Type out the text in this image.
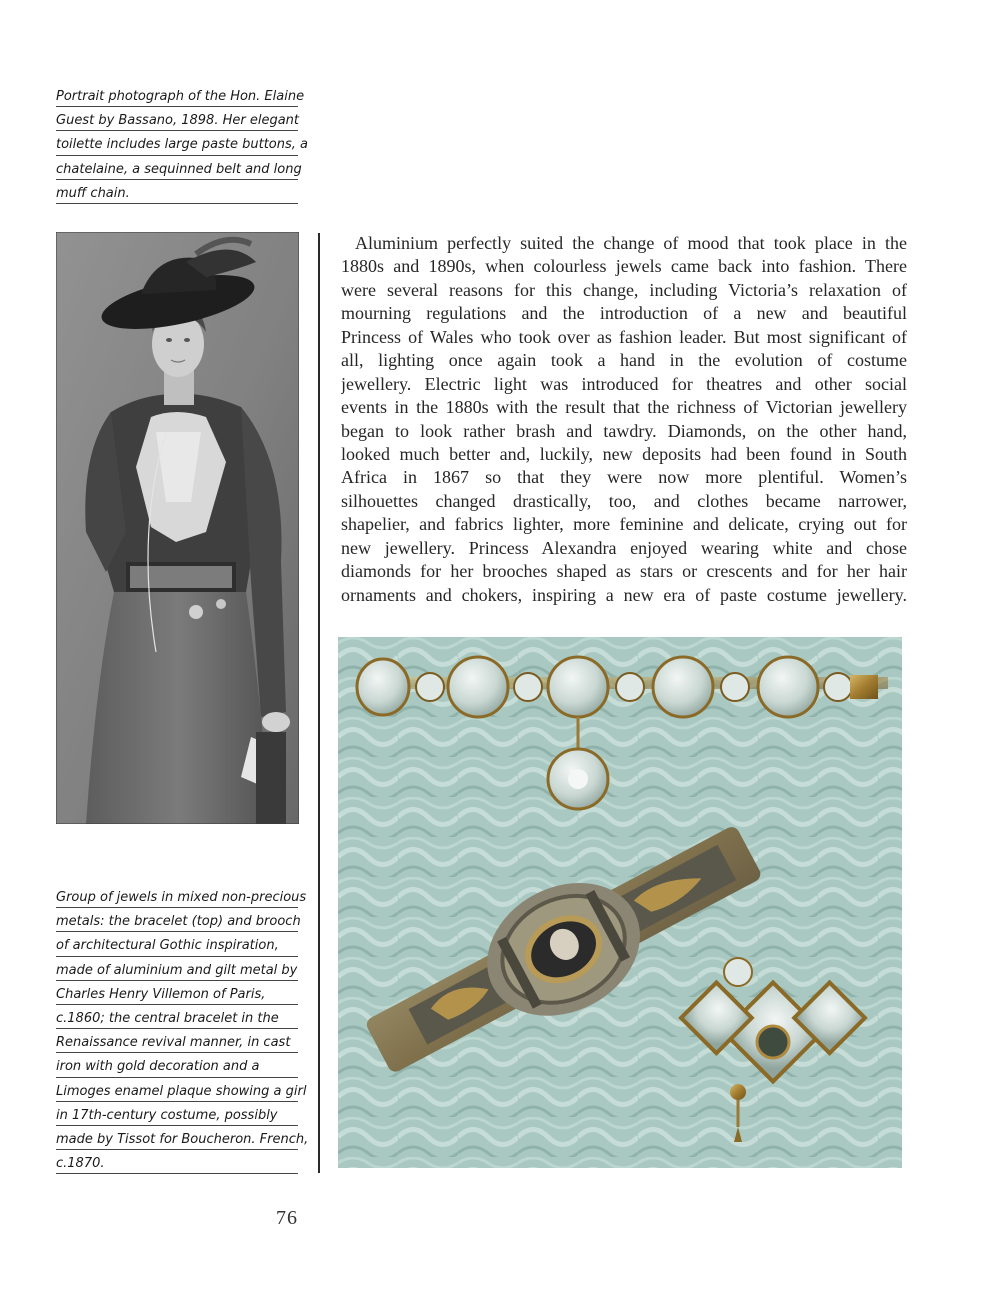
Portrait photograph of the Hon. Elaine
Guest by Bassano, 1898. Her elegant
toilette includes large paste buttons, a
chatelaine, a sequinned belt and long
muff chain.
Group of jewels in mixed non-precious
metals: the bracelet (top) and brooch
of architectural Gothic inspiration,
made of aluminium and gilt metal by
Charles Henry Villemon of Paris,
c.1860; the central bracelet in the
Renaissance revival manner, in cast
iron with gold decoration and a
Limoges enamel plaque showing a girl
in 17th-century costume, possibly
made by Tissot for Boucheron. French,
c.1870.
Aluminium perfectly suited the change of mood that took place in the
1880s and 1890s, when colourless jewels came back into fashion. There
were several reasons for this change, including Victoria’s relaxation of
mourning regulations and the introduction of a new and beautiful
Princess of Wales who took over as fashion leader. But most significant of
all, lighting once again took a hand in the evolution of costume
jewellery. Electric light was introduced for theatres and other social
events in the 1880s with the result that the richness of Victorian jewellery
began to look rather brash and tawdry. Diamonds, on the other hand,
looked much better and, luckily, new deposits had been found in South
Africa in 1867 so that they were now more plentiful. Women’s
silhouettes changed drastically, too, and clothes became narrower,
shapelier, and fabrics lighter, more feminine and delicate, crying out for
new jewellery. Princess Alexandra enjoyed wearing white and chose
diamonds for her brooches shaped as stars or crescents and for her hair
ornaments and chokers, inspiring a new era of paste costume jewellery.
76
